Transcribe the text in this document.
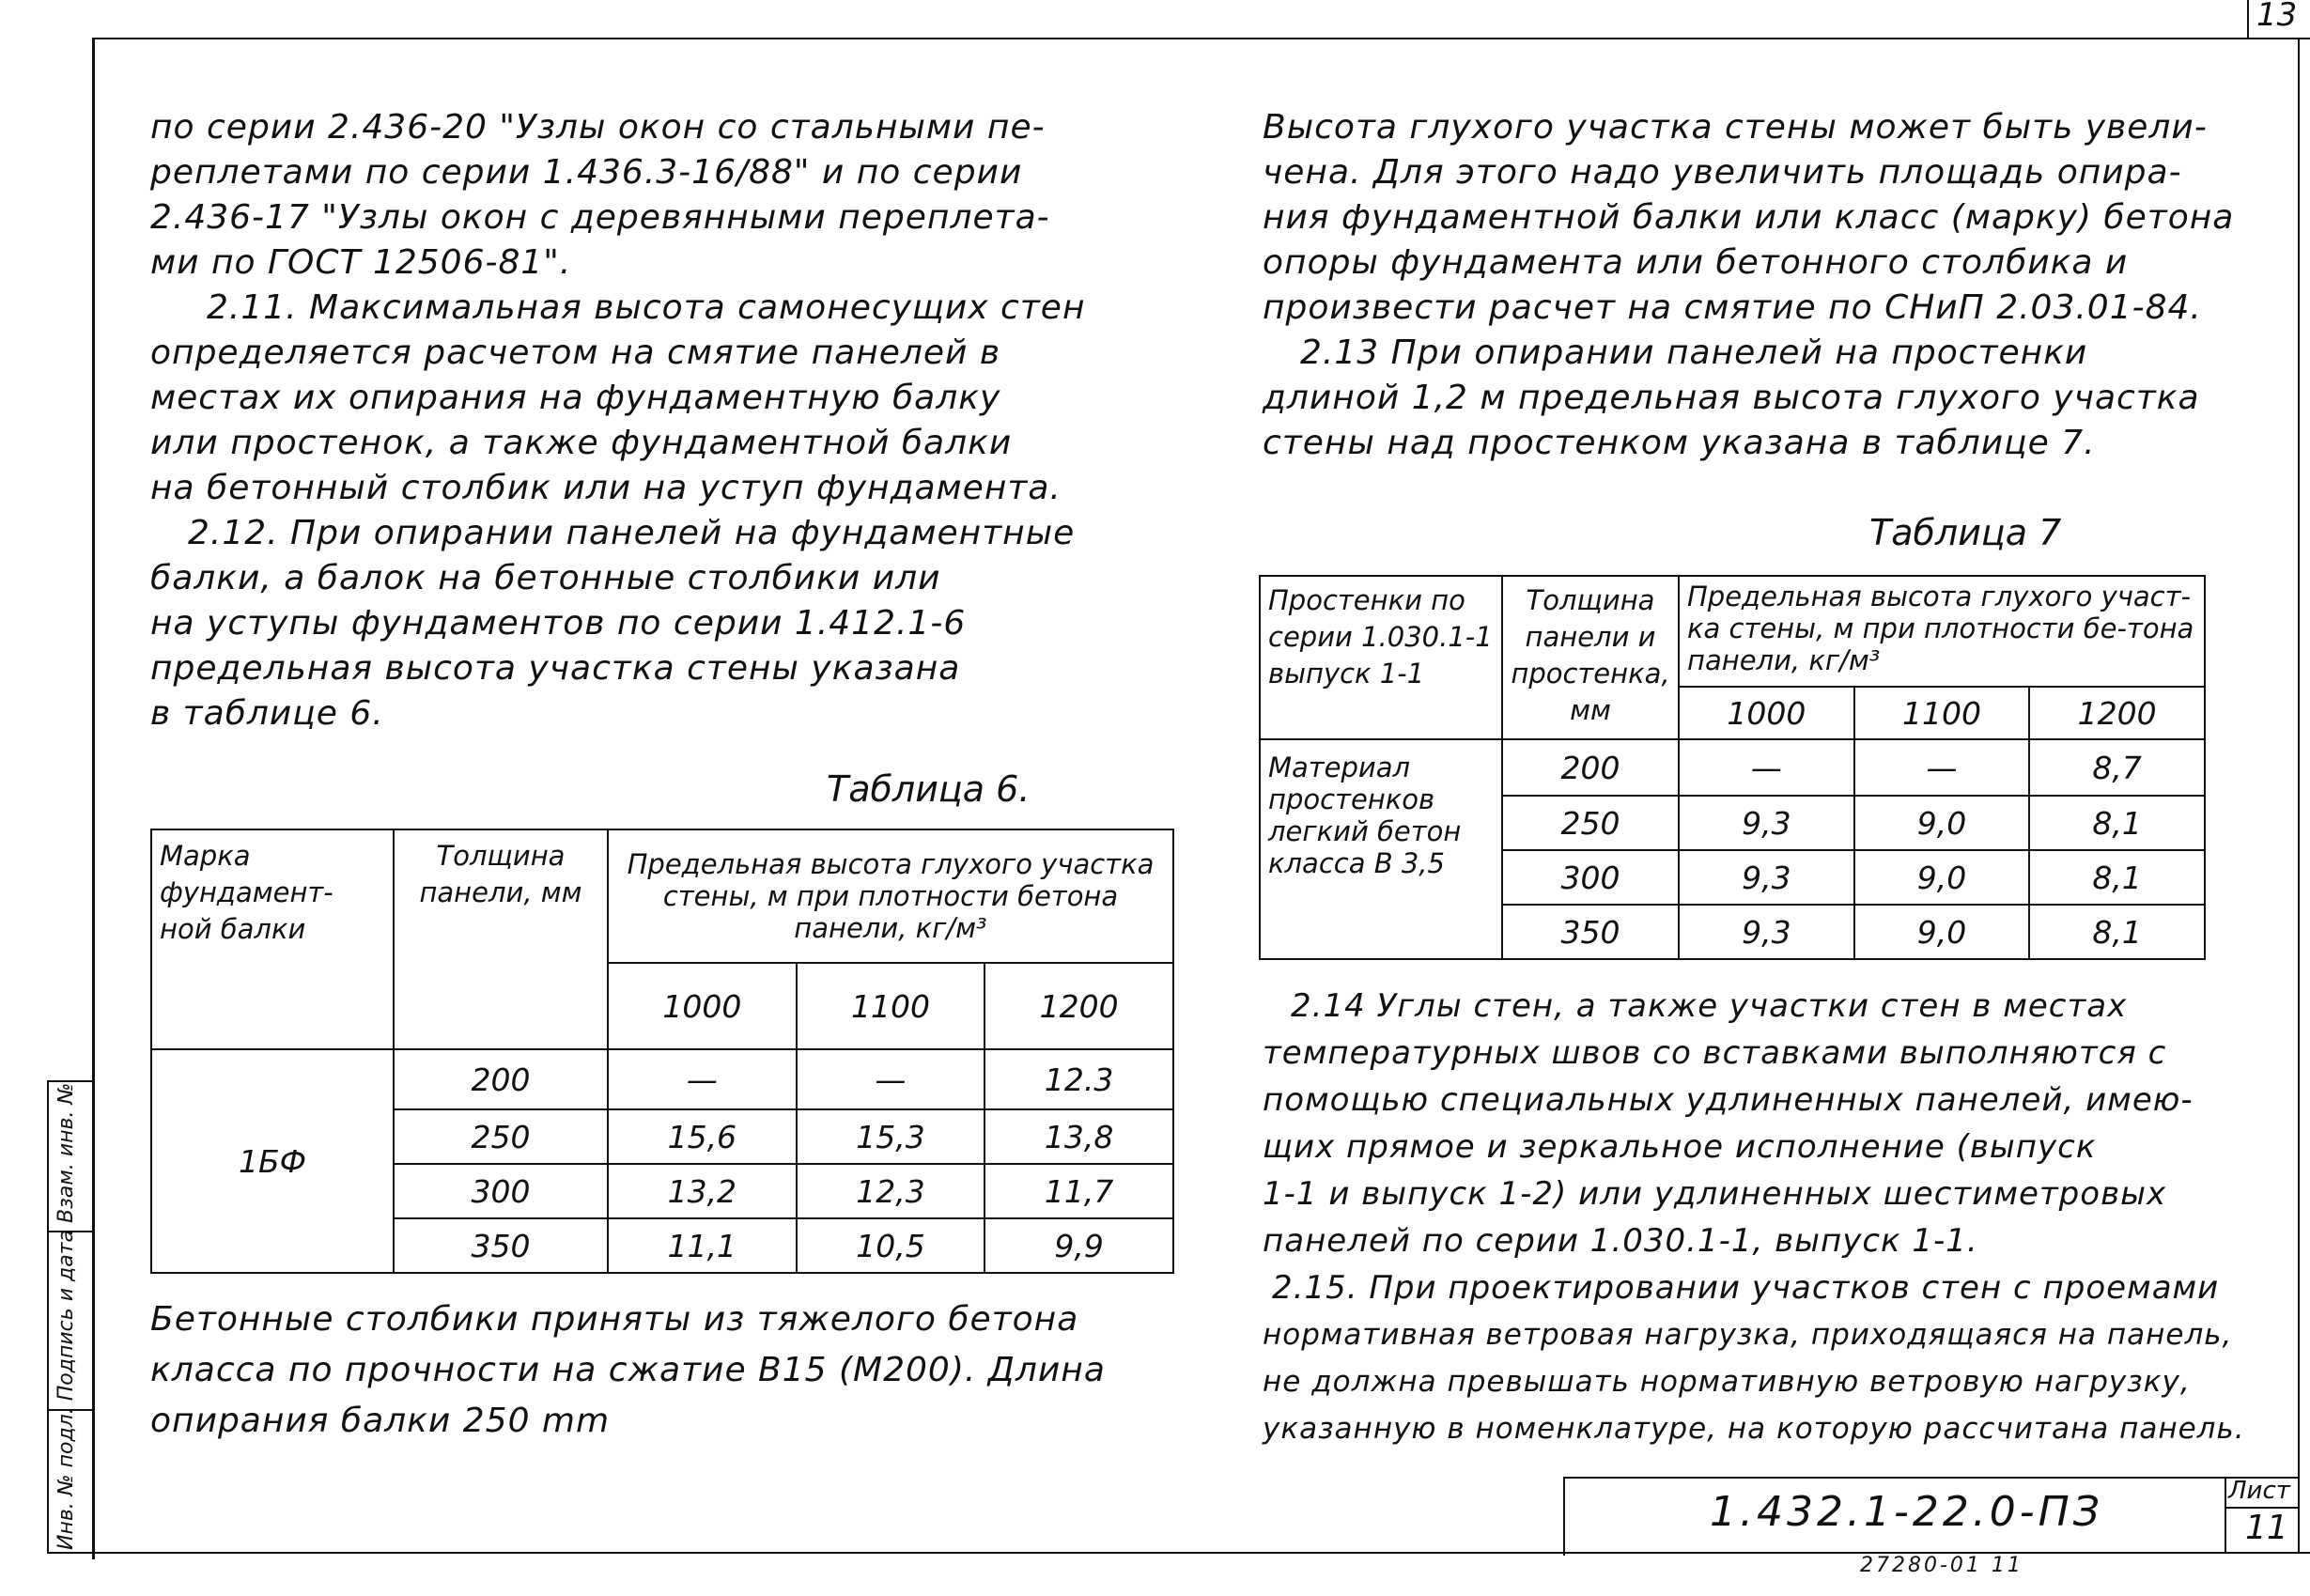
13
по серии 2.436-20 "Узлы окон со стальными пе-
реплетами по серии 1.436.3-16/88" и по серии
2.436-17 "Узлы окон с деревянными переплета-
ми по ГОСТ 12506-81".
2.11. Максимальная высота самонесущих стен
определяется расчетом на смятие панелей в
местах их опирания на фундаментную балку
или простенок, а также фундаментной балки
на бетонный столбик или на уступ фундамента.
2.12. При опирании панелей на фундаментные
балки, а балок на бетонные столбики или
на уступы фундаментов по серии 1.412.1-6
предельная высота участка стены указана
в таблице 6.
Таблица 6.
Марка фундамент-ной балки	Толщина панели, мм	Предельная высота глухого участка стены, м при плотности бетона панели, кг/м³		
		1000	1100	1200
1БФ	200	—	—	12.3
	250	15,6	15,3	13,8
	300	13,2	12,3	11,7
	350	11,1	10,5	9,9
Бетонные столбики приняты из тяжелого бетона
класса по прочности на сжатие В15 (М200). Длина
опирания балки 250 mm
Высота глухого участка стены может быть увели-
чена. Для этого надо увеличить площадь опира-
ния фундаментной балки или класс (марку) бетона
опоры фундамента или бетонного столбика и
произвести расчет на смятие по СНиП 2.03.01-84.
2.13 При опирании панелей на простенки
длиной 1,2 м предельная высота глухого участка
стены над простенком указана в таблице 7.
Таблица 7
Простенки по серии 1.030.1-1 выпуск 1-1	Толщина панели и простенка, мм	Предельная высота глухого участ-ка стены, м при плотности бе-тона панели, кг/м³		
		1000	1100	1200
Материал простенков легкий бетон класса В 3,5	200	—	—	8,7
	250	9,3	9,0	8,1
	300	9,3	9,0	8,1
	350	9,3	9,0	8,1
2.14 Углы стен, а также участки стен в местах
температурных швов со вставками выполняются с
помощью специальных удлиненных панелей, имею-
щих прямое и зеркальное исполнение (выпуск
1-1 и выпуск 1-2) или удлиненных шестиметровых
панелей по серии 1.030.1-1, выпуск 1-1.
2.15. При проектировании участков стен с проемами
нормативная ветровая нагрузка, приходящаяся на панель,
не должна превышать нормативную ветровую нагрузку,
указанную в номенклатуре, на которую рассчитана панель.
Инв. № подл. Подпись и дата Взам. инв. №	1.432.1-22.0-ПЗ	Лист
11
27280-01 11
